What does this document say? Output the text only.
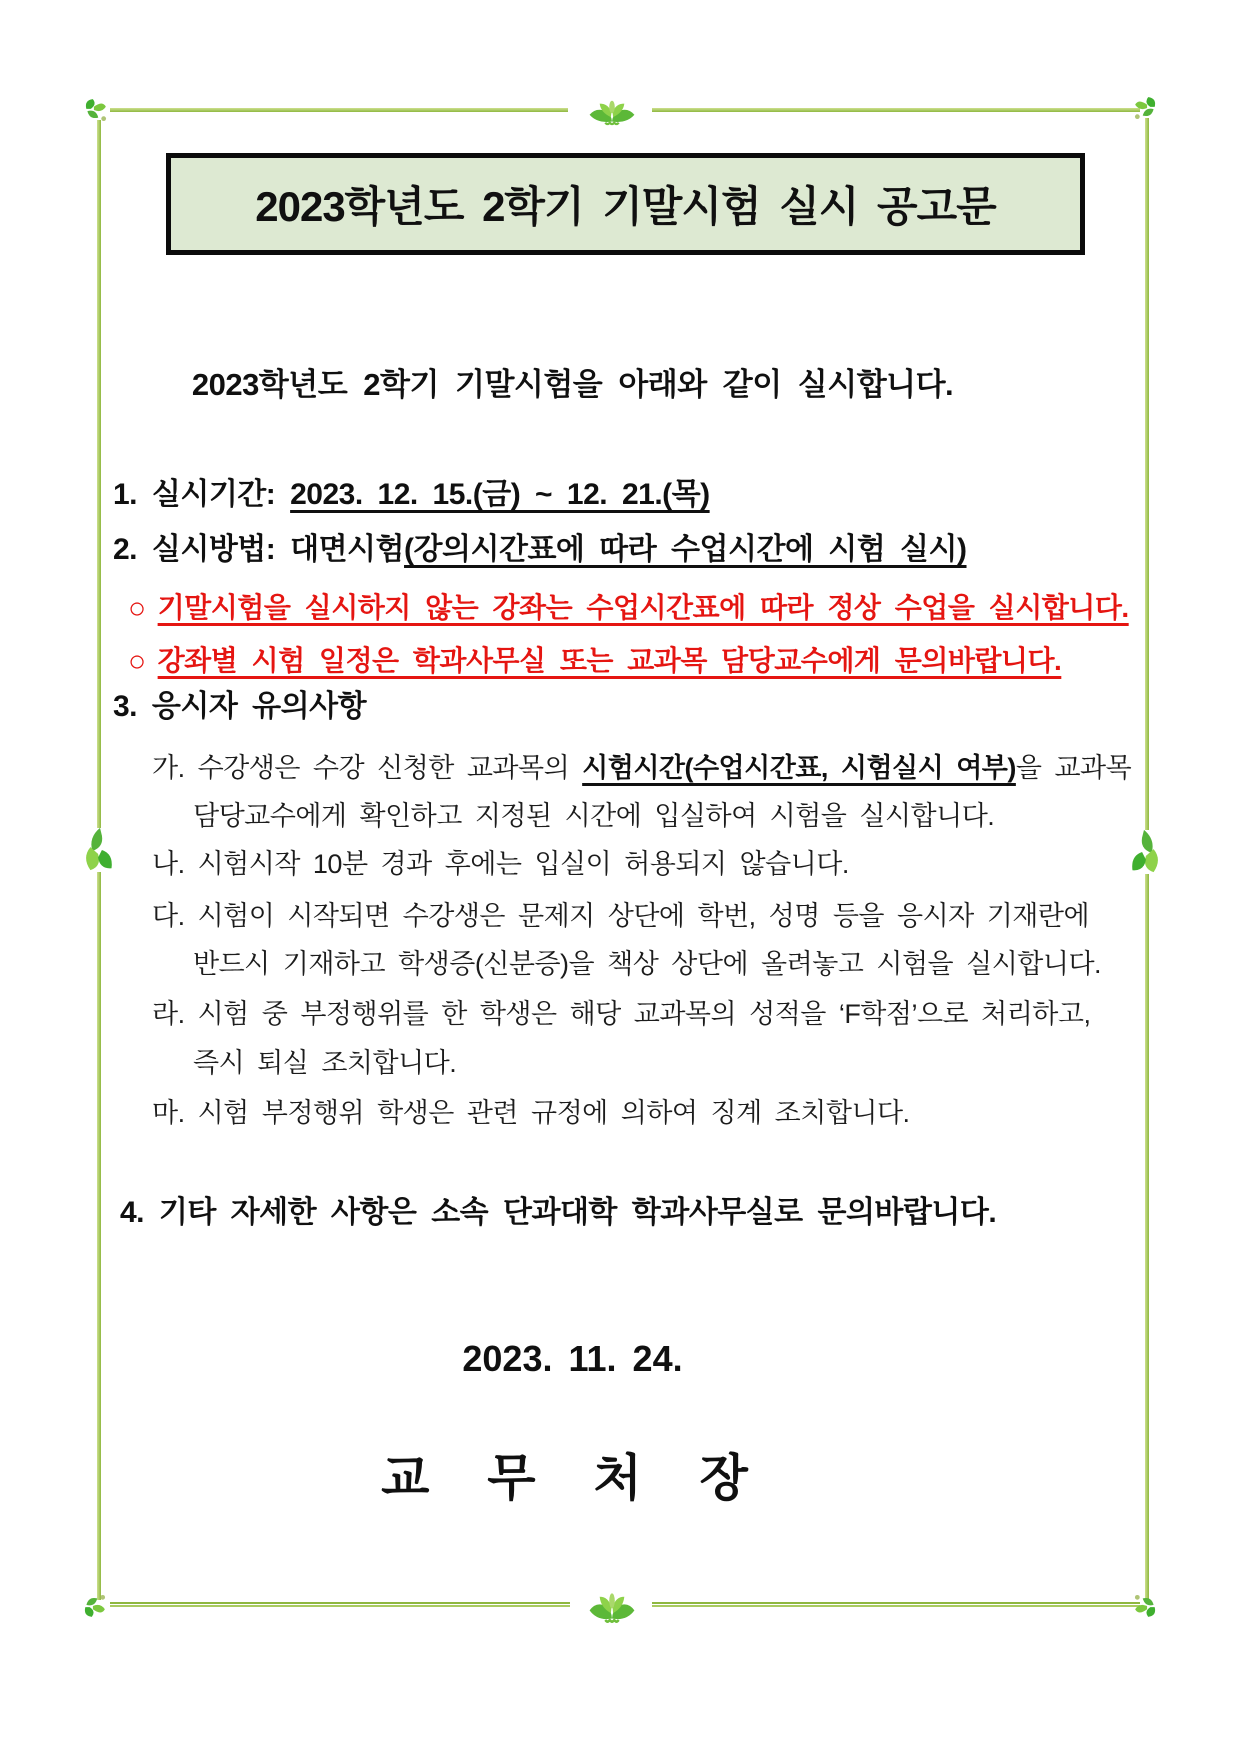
2023학년도 2학기 기말시험 실시 공고문
2023학년도 2학기 기말시험을 아래와 같이 실시합니다.
1. 실시기간: 2023. 12. 15.(금) ~ 12. 21.(목)
2. 실시방법: 대면시험(강의시간표에 따라 수업시간에 시험 실시)
○ 기말시험을 실시하지 않는 강좌는 수업시간표에 따라 정상 수업을 실시합니다.
○ 강좌별 시험 일정은 학과사무실 또는 교과목 담당교수에게 문의바랍니다.
3. 응시자 유의사항
가. 수강생은 수강 신청한 교과목의 시험시간(수업시간표, 시험실시 여부)을 교과목
담당교수에게 확인하고 지정된 시간에 입실하여 시험을 실시합니다.
나. 시험시작 10분 경과 후에는 입실이 허용되지 않습니다.
다. 시험이 시작되면 수강생은 문제지 상단에 학번, 성명 등을 응시자 기재란에
반드시 기재하고 학생증(신분증)을 책상 상단에 올려놓고 시험을 실시합니다.
라. 시험 중 부정행위를 한 학생은 해당 교과목의 성적을 ‘F학점’으로 처리하고,
즉시 퇴실 조치합니다.
마. 시험 부정행위 학생은 관련 규정에 의하여 징계 조치합니다.
4. 기타 자세한 사항은 소속 단과대학 학과사무실로 문의바랍니다.
2023. 11. 24.
교 무 처 장
